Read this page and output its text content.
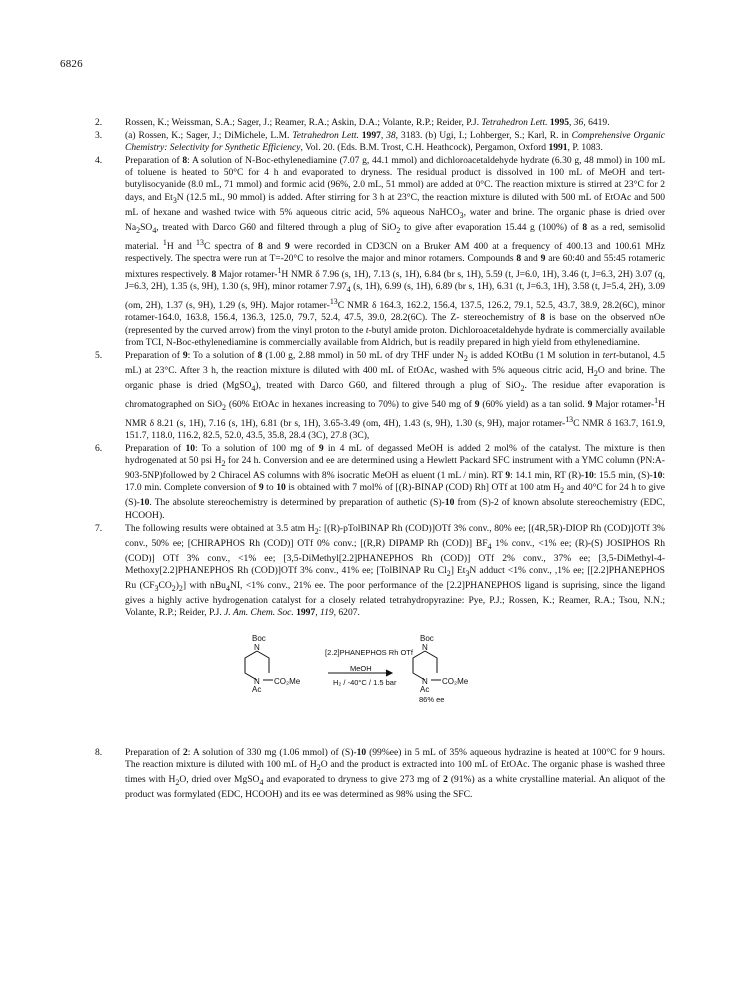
6826
2. Rossen, K.; Weissman, S.A.; Sager, J.; Reamer, R.A.; Askin, D.A.; Volante, R.P.; Reider, P.J. Tetrahedron Lett. 1995, 36, 6419.
3. (a) Rossen, K.; Sager, J.; DiMichele, L.M. Tetrahedron Lett. 1997, 38, 3183. (b) Ugi, I.; Lohberger, S.; Karl, R. in Comprehensive Organic Chemistry: Selectivity for Synthetic Efficiency, Vol. 20. (Eds. B.M. Trost, C.H. Heathcock), Pergamon, Oxford 1991, P. 1083.
4. Preparation of 8: A solution of N-Boc-ethylenediamine (7.07 g, 44.1 mmol) and dichloroacetaldehyde hydrate (6.30 g, 48 mmol) in 100 mL of toluene is heated to 50°C for 4 h and evaporated to dryness. The residual product is dissolved in 100 mL of MeOH and tert-butylisocyanide (8.0 mL, 71 mmol) and formic acid (96%, 2.0 mL, 51 mmol) are added at 0°C. The reaction mixture is stirred at 23°C for 2 days, and $Et_3N$ (12.5 mL, 90 mmol) is added. After stirring for 3 h at 23°C, the reaction mixture is diluted with 500 mL of EtOAc and 500 mL of hexane and washed twice with 5% aqueous citric acid, 5% aqueous NaHCO$_3$, water and brine. The organic phase is dried over $Na_2SO_4$, treated with Darco G60 and filtered through a plug of SiO$_2$ to give after evaporation 15.44 g (100%) of 8 as a red, semisolid material. $^1$H and $^{13}$C spectra of 8 and 9 were recorded in CD3CN on a Bruker AM 400 at a frequency of 400.13 and 100.61 MHz respectively. The spectra were run at T=-20°C to resolve the major and minor rotamers. Compounds 8 and 9 are 60:40 and 55:45 rotameric mixtures respectively. 8 Major rotamer-$^1$H NMR δ 7.96 (s, 1H), 7.13 (s, 1H), 6.84 (br s, 1H), 5.59 (t, J=6.0, 1H), 3.46 (t, J=6.3, 2H) 3.07 (q, J=6.3, 2H), 1.35 (s, 9H), 1.30 (s, 9H), minor rotamer $7.97_4$ (s, 1H), 6.99 (s, 1H), 6.89 (br s, 1H), 6.31 (t, J=6.3, 1H), 3.58 (t, J=5.4, 2H), 3.09 (om, 2H), 1.37 (s, 9H), 1.29 (s, 9H). Major rotamer-$^{13}$C NMR δ 164.3, 162.2, 156.4, 137.5, 126.2, 79.1, 52.5, 43.7, 38.9, 28.2(6C), minor rotamer-164.0, 163.8, 156.4, 136.3, 125.0, 79.7, 52.4, 47.5, 39.0, 28.2(6C). The Z- stereochemistry of 8 is base on the observed nOe (represented by the curved arrow) from the vinyl proton to the t-butyl amide proton. Dichloroacetaldehyde hydrate is commercially available from TCI, N-Boc-ethylenediamine is commercially available from Aldrich, but is readily prepared in high yield from ethylenediamine.
5. Preparation of 9: To a solution of 8 (1.00 g, 2.88 mmol) in 50 mL of dry THF under $N_2$ is added KOtBu (1 M solution in tert-butanol, 4.5 mL) at 23°C. After 3 h, the reaction mixture is diluted with 400 mL of EtOAc, washed with 5% aqueous citric acid, $H_2O$ and brine. The organic phase is dried (MgSO$_4$), treated with Darco G60, and filtered through a plug of SiO$_2$. The residue after evaporation is chromatographed on SiO$_2$ (60% EtOAc in hexanes increasing to 70%) to give 540 mg of 9 (60% yield) as a tan solid. 9 Major rotamer-$^1$H NMR δ 8.21 (s, 1H), 7.16 (s, 1H), 6.81 (br s, 1H), 3.65-3.49 (om, 4H), 1.43 (s, 9H), 1.30 (s, 9H), major rotamer-$^{13}$C NMR δ 163.7, 161.9, 151.7, 118.0, 116.2, 82.5, 52.0, 43.5, 35.8, 28.4 (3C), 27.8 (3C),
6. Preparation of 10: To a solution of 100 mg of 9 in 4 mL of degassed MeOH is added 2 mol% of the catalyst. The mixture is then hydrogenated at 50 psi $H_2$ for 24 h. Conversion and ee are determined using a Hewlett Packard SFC instrument with a YMC column (PN:A-903-5NP)followed by 2 Chiracel AS columns with 8% isocratic MeOH as eluent (1 mL / min). RT 9: 14.1 min, RT (R)-10: 15.5 min, (S)-10: 17.0 min. Complete conversion of 9 to 10 is obtained with 7 mol% of [(R)-BINAP (COD) Rh] OTf at 100 atm $H_2$ and 40°C for 24 h to give (S)-10. The absolute stereochemistry is determined by preparation of authetic (S)-10 from (S)-2 of known absolute stereochemistry (EDC, HCOOH).
7. The following results were obtained at 3.5 atm $H_2$: [(R)-pTolBINAP Rh (COD)]OTf 3% conv., 80% ee; [(4R,5R)-DIOP Rh (COD)]OTf 3% conv., 50% ee; [CHIRAPHOS Rh (COD)] OTf 0% conv.; [(R,R) DIPAMP Rh (COD)] $BF_4$ 1% conv., <1% ee; (R)-(S) JOSIPHOS Rh (COD)] OTf 3% conv., <1% ee; [3,5-DiMethyl[2.2]PHANEPHOS Rh (COD)] OTf 2% conv., 37% ee; [3,5-DiMethyl-4-Methoxy[2.2]PHANEPHOS Rh (COD)]OTf 3% conv., 41% ee; [TolBINAP Ru $Cl_2$] $Et_3N$ adduct <1% conv., ,1% ee; [[2.2]PHANEPHOS Ru $(CF_3CO_2)_2$] with nBu$_4$NI, <1% conv., 21% ee. The poor performance of the [2.2]PHANEPHOS ligand is suprising, since the ligand gives a highly active hydrogenation catalyst for a closely related tetrahydropyrazine: Pye, P.J.; Rossen, K.; Reamer, R.A.; Tsou, N.N.; Volante, R.P.; Reider, P.J. J. Am. Chem. Soc. 1997, 119, 6207.
Boc
N
N CO₂Me
Ac
[2.2]PHANEPHOS Rh OTf
MeOH
H₂ / -40°C / 1.5 bar
Boc
N
N CO₂Me
Ac
86% ee
8. Preparation of 2: A solution of 330 mg (1.06 mmol) of (S)-10 (99%ee) in 5 mL of 35% aqueous hydrazine is heated at 100°C for 9 hours. The reaction mixture is diluted with 100 mL of $H_2O$ and the product is extracted into 100 mL of EtOAc. The organic phase is washed three times with $H_2O$, dried over MgSO$_4$ and evaporated to dryness to give 273 mg of 2 (91%) as a white crystalline material. An aliquot of the product was formylated (EDC, HCOOH) and its ee was determined as 98% using the SFC.
